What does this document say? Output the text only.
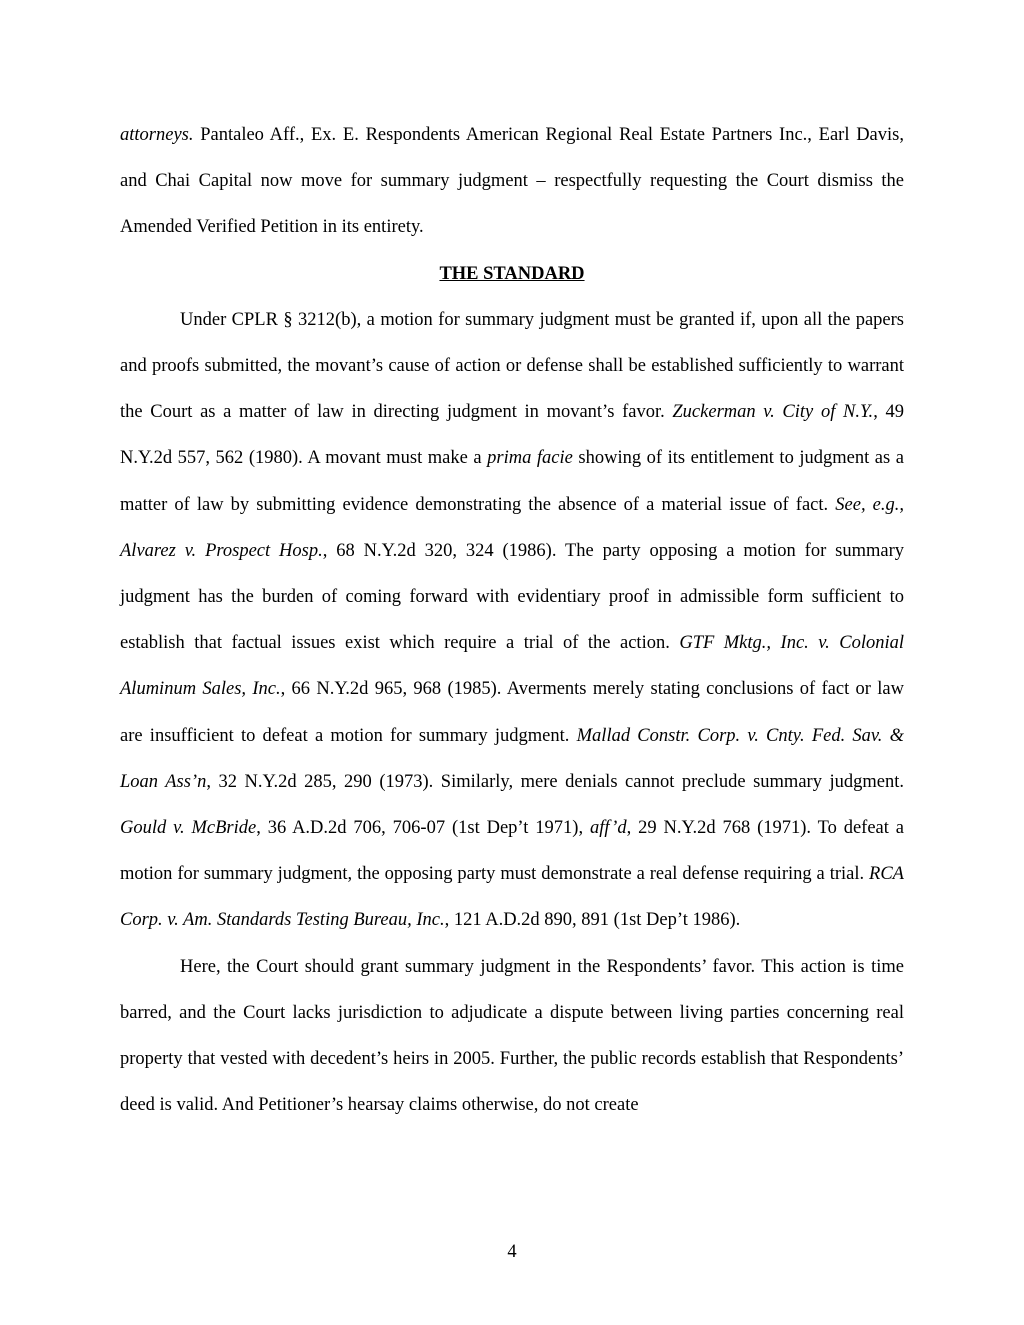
attorneys. Pantaleo Aff., Ex. E. Respondents American Regional Real Estate Partners Inc., Earl Davis, and Chai Capital now move for summary judgment – respectfully requesting the Court dismiss the Amended Verified Petition in its entirety.

THE STANDARD

Under CPLR § 3212(b), a motion for summary judgment must be granted if, upon all the papers and proofs submitted, the movant’s cause of action or defense shall be established sufficiently to warrant the Court as a matter of law in directing judgment in movant’s favor. Zuckerman v. City of N.Y., 49 N.Y.2d 557, 562 (1980). A movant must make a prima facie showing of its entitlement to judgment as a matter of law by submitting evidence demonstrating the absence of a material issue of fact. See, e.g., Alvarez v. Prospect Hosp., 68 N.Y.2d 320, 324 (1986). The party opposing a motion for summary judgment has the burden of coming forward with evidentiary proof in admissible form sufficient to establish that factual issues exist which require a trial of the action. GTF Mktg., Inc. v. Colonial Aluminum Sales, Inc., 66 N.Y.2d 965, 968 (1985). Averments merely stating conclusions of fact or law are insufficient to defeat a motion for summary judgment. Mallad Constr. Corp. v. Cnty. Fed. Sav. & Loan Ass’n, 32 N.Y.2d 285, 290 (1973). Similarly, mere denials cannot preclude summary judgment. Gould v. McBride, 36 A.D.2d 706, 706-07 (1st Dep’t 1971), aff’d, 29 N.Y.2d 768 (1971). To defeat a motion for summary judgment, the opposing party must demonstrate a real defense requiring a trial. RCA Corp. v. Am. Standards Testing Bureau, Inc., 121 A.D.2d 890, 891 (1st Dep’t 1986).

Here, the Court should grant summary judgment in the Respondents’ favor. This action is time barred, and the Court lacks jurisdiction to adjudicate a dispute between living parties concerning real property that vested with decedent’s heirs in 2005. Further, the public records establish that Respondents’ deed is valid. And Petitioner’s hearsay claims otherwise, do not create

4
